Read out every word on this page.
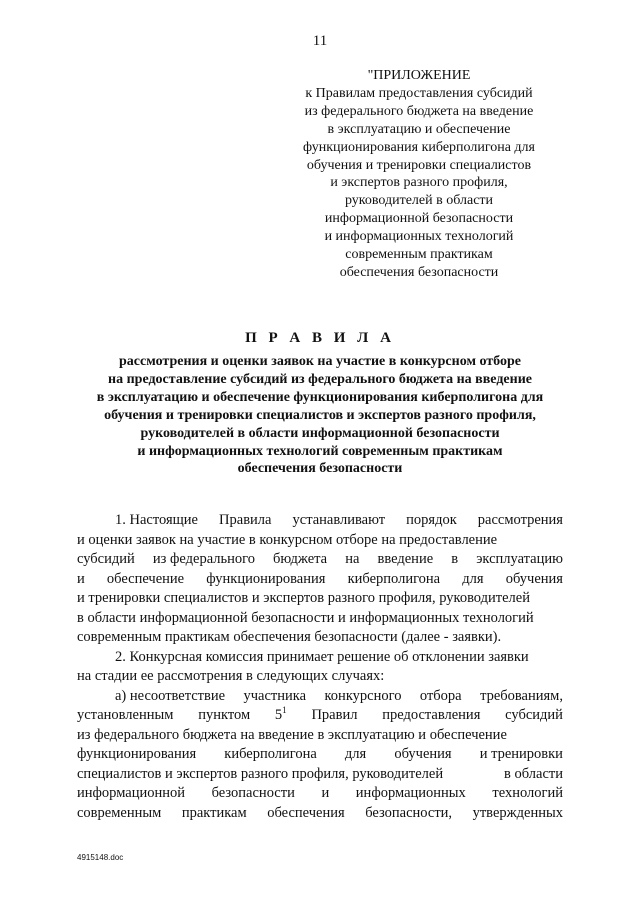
11
"ПРИЛОЖЕНИЕ
к Правилам предоставления субсидий
из федерального бюджета на введение
в эксплуатацию и обеспечение
функционирования киберполигона для
обучения и тренировки специалистов
и экспертов разного профиля,
руководителей в области
информационной безопасности
и информационных технологий
современным практикам
обеспечения безопасности
П Р А В И Л А
рассмотрения и оценки заявок на участие в конкурсном отборе
на предоставление субсидий из федерального бюджета на введение
в эксплуатацию и обеспечение функционирования киберполигона для
обучения и тренировки специалистов и экспертов разного профиля,
руководителей в области информационной безопасности
и информационных технологий современным практикам
обеспечения безопасности
1. Настоящие Правила устанавливают порядок рассмотрения
и оценки заявок на участие в конкурсном отборе на предоставление
субсидий из федерального бюджета на введение в эксплуатацию
и обеспечение функционирования киберполигона для обучения
и тренировки специалистов и экспертов разного профиля, руководителей
в области информационной безопасности и информационных технологий
современным практикам обеспечения безопасности (далее - заявки).
2. Конкурсная комиссия принимает решение об отклонении заявки
на стадии ее рассмотрения в следующих случаях:
а) несоответствие участника конкурсного отбора требованиям,
установленным пунктом 51 Правил предоставления субсидий
из федерального бюджета на введение в эксплуатацию и обеспечение
функционирования киберполигона для обучения и тренировки
специалистов и экспертов разного профиля, руководителей	в области
информационной безопасности и информационных технологий
современным практикам обеспечения безопасности, утвержденных
4915148.doc
